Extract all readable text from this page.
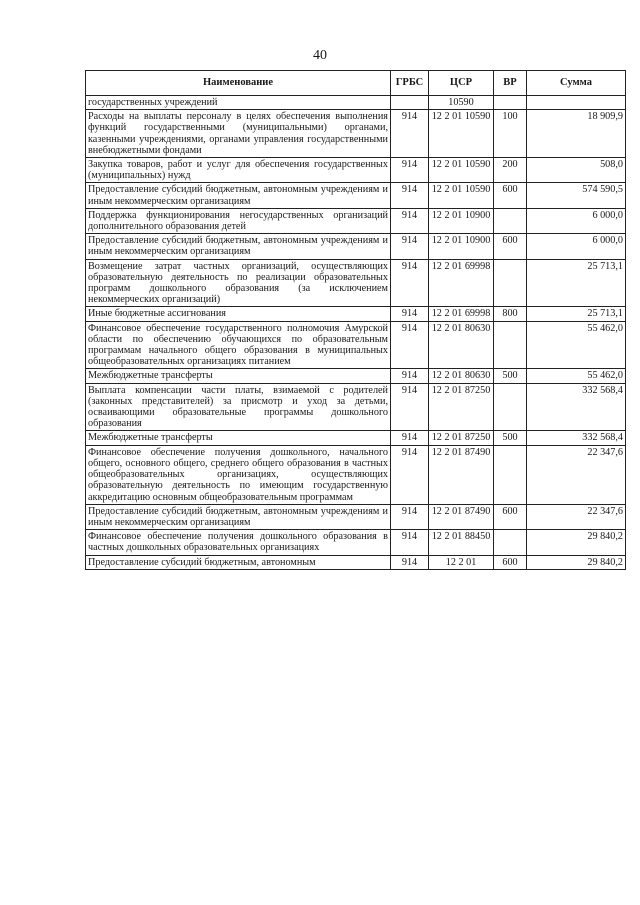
40
Наименование	ГРБС	ЦСР	ВР	Сумма
государственных учреждений		10590		
Расходы на выплаты персоналу в целях обеспечения выполнения функций государственными (муниципальными) органами, казенными учреждениями, органами управления государственными внебюджетными фондами	914	12 2 01 10590	100	18 909,9
Закупка товаров, работ и услуг для обеспечения государственных (муниципальных) нужд	914	12 2 01 10590	200	508,0
Предоставление субсидий бюджетным, автономным учреждениям и иным некоммерческим организациям	914	12 2 01 10590	600	574 590,5
Поддержка функционирования негосударственных организаций дополнительного образования детей	914	12 2 01 10900		6 000,0
Предоставление субсидий бюджетным, автономным учреждениям и иным некоммерческим организациям	914	12 2 01 10900	600	6 000,0
Возмещение затрат частных организаций, осуществляющих образовательную деятельность по реализации образовательных программ дошкольного образования (за исключением некоммерческих организаций)	914	12 2 01 69998		25 713,1
Иные бюджетные ассигнования	914	12 2 01 69998	800	25 713,1
Финансовое обеспечение государственного полномочия Амурской области по обеспечению обучающихся по образовательным программам начального общего образования в муниципальных общеобразовательных организациях питанием	914	12 2 01 80630		55 462,0
Межбюджетные трансферты	914	12 2 01 80630	500	55 462,0
Выплата компенсации части платы, взимаемой с родителей (законных представителей) за присмотр и уход за детьми, осваивающими образовательные программы дошкольного образования	914	12 2 01 87250		332 568,4
Межбюджетные трансферты	914	12 2 01 87250	500	332 568,4
Финансовое обеспечение получения дошкольного, начального общего, основного общего, среднего общего образования в частных общеобразовательных организациях, осуществляющих образовательную деятельность по имеющим государственную аккредитацию основным общеобразовательным программам	914	12 2 01 87490		22 347,6
Предоставление субсидий бюджетным, автономным учреждениям и иным некоммерческим организациям	914	12 2 01 87490	600	22 347,6
Финансовое обеспечение получения дошкольного образования в частных дошкольных образовательных организациях	914	12 2 01 88450		29 840,2
Предоставление субсидий бюджетным, автономным	914	12 2 01	600	29 840,2
